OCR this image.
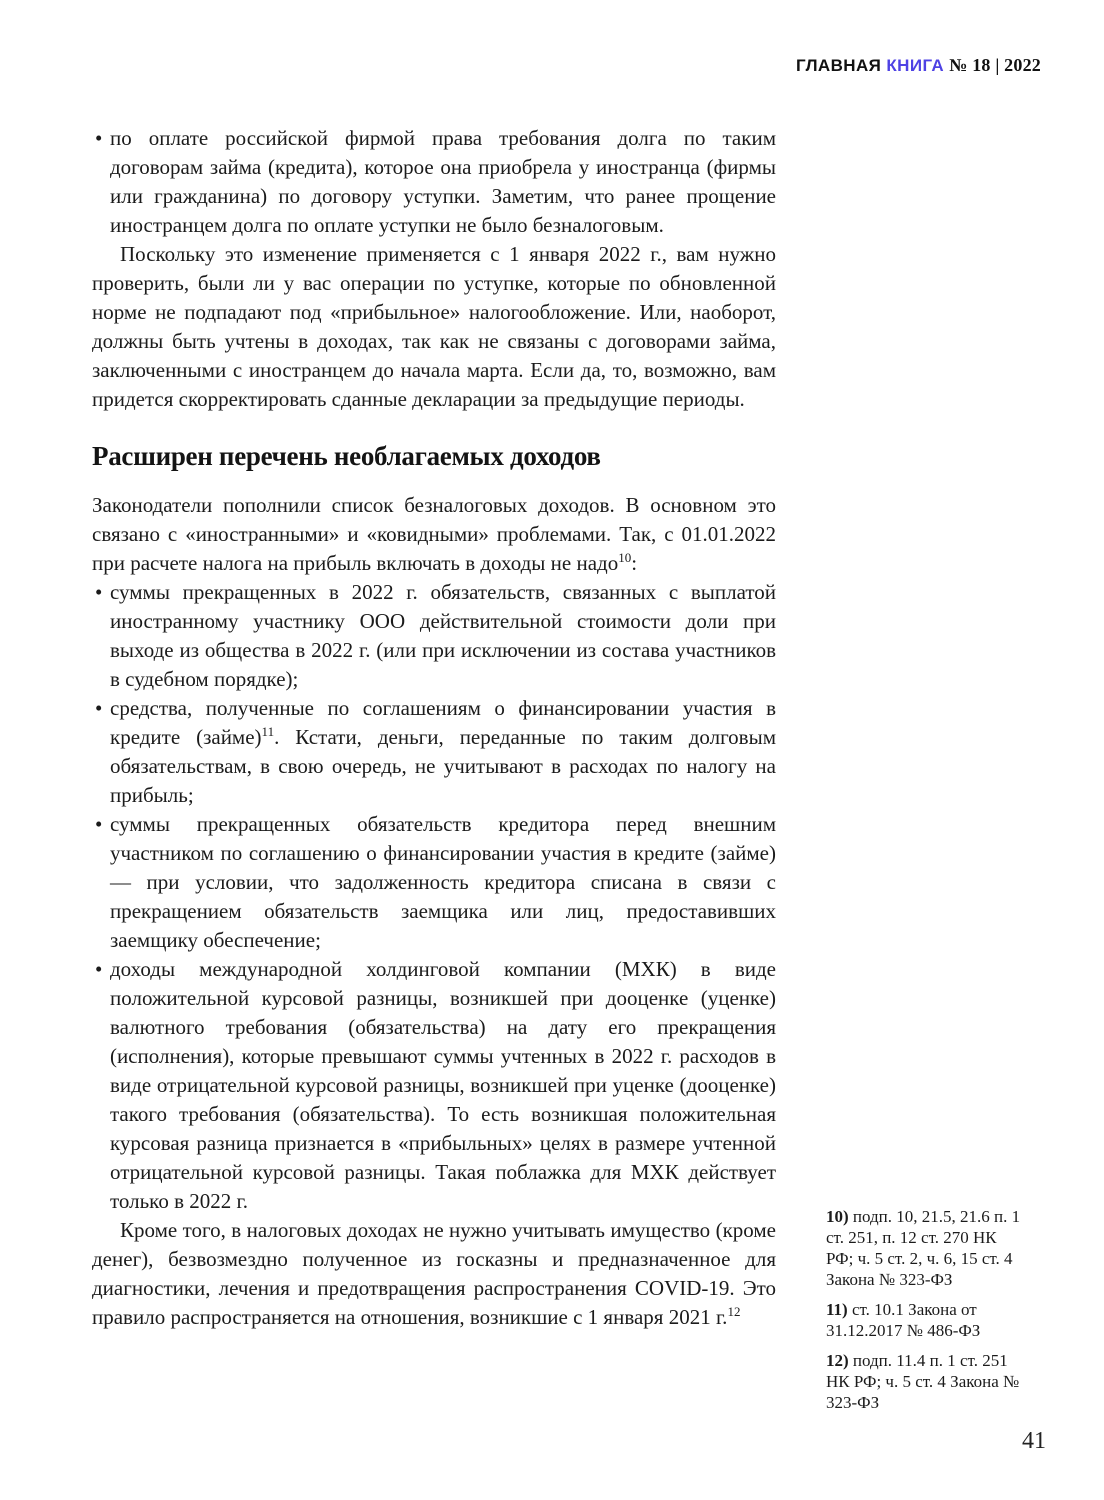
ГЛАВНАЯ КНИГА № 18 | 2022
• по оплате российской фирмой права требования долга по таким договорам займа (кредита), которое она приобрела у иностранца (фирмы или гражданина) по договору уступки. Заметим, что ранее прощение иностранцем долга по оплате уступки не было безналоговым.

Поскольку это изменение применяется с 1 января 2022 г., вам нужно проверить, были ли у вас операции по уступке, которые по обновленной норме не подпадают под «прибыльное» налогообложение. Или, наоборот, должны быть учтены в доходах, так как не связаны с договорами займа, заключенными с иностранцем до начала марта. Если да, то, возможно, вам придется скорректировать сданные декларации за предыдущие периоды.

Расширен перечень необлагаемых доходов

Законодатели пополнили список безналоговых доходов. В основном это связано с «иностранными» и «ковидными» проблемами. Так, с 01.01.2022 при расчете налога на прибыль включать в доходы не надо$^{10}$:

• суммы прекращенных в 2022 г. обязательств, связанных с выплатой иностранному участнику ООО действительной стоимости доли при выходе из общества в 2022 г. (или при исключении из состава участников в судебном порядке);
• средства, полученные по соглашениям о финансировании участия в кредите (займе)$^{11}$. Кстати, деньги, переданные по таким долговым обязательствам, в свою очередь, не учитывают в расходах по налогу на прибыль;
• суммы прекращенных обязательств кредитора перед внешним участником по соглашению о финансировании участия в кредите (займе) — при условии, что задолженность кредитора списана в связи с прекращением обязательств заемщика или лиц, предоставивших заемщику обеспечение;
• доходы международной холдинговой компании (МХК) в виде положительной курсовой разницы, возникшей при дооценке (уценке) валютного требования (обязательства) на дату его прекращения (исполнения), которые превышают суммы учтенных в 2022 г. расходов в виде отрицательной курсовой разницы, возникшей при уценке (дооценке) такого требования (обязательства). То есть возникшая положительная курсовая разница признается в «прибыльных» целях в размере учтенной отрицательной курсовой разницы. Такая поблажка для МХК действует только в 2022 г.

Кроме того, в налоговых доходах не нужно учитывать имущество (кроме денег), безвозмездно полученное из госказны и предназначенное для диагностики, лечения и предотвращения распространения COVID-19. Это правило распространяется на отношения, возникшие с 1 января 2021 г.$^{12}$

10) подп. 10, 21.5, 21.6 п. 1 ст. 251, п. 12 ст. 270 НК РФ; ч. 5 ст. 2, ч. 6, 15 ст. 4 Закона № 323-ФЗ
11) ст. 10.1 Закона от 31.12.2017 № 486-ФЗ
12) подп. 11.4 п. 1 ст. 251 НК РФ; ч. 5 ст. 4 Закона № 323-ФЗ
41
